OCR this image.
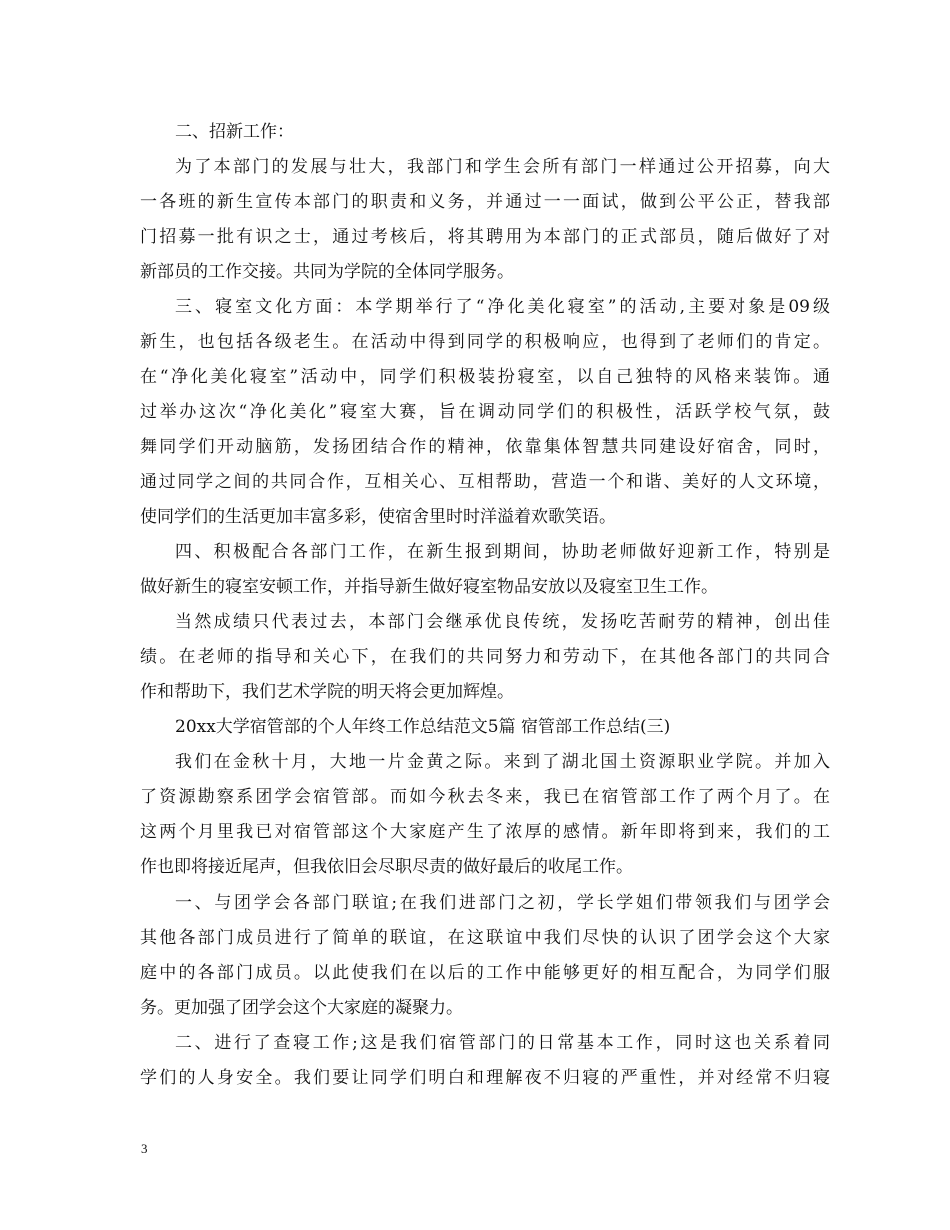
二、招新工作：
为了本部门的发展与壮大，我部门和学生会所有部门一样通过公开招募，向大
一各班的新生宣传本部门的职责和义务，并通过一一面试，做到公平公正，替我部
门招募一批有识之士，通过考核后，将其聘用为本部门的正式部员，随后做好了对
新部员的工作交接。共同为学院的全体同学服务。
三、寝室文化方面：本学期举行了“净化美化寝室”的活动,主要对象是09级
新生，也包括各级老生。在活动中得到同学的积极响应，也得到了老师们的肯定。
在“净化美化寝室”活动中，同学们积极装扮寝室，以自己独特的风格来装饰。通
过举办这次“净化美化”寝室大赛，旨在调动同学们的积极性，活跃学校气氛，鼓
舞同学们开动脑筋，发扬团结合作的精神，依靠集体智慧共同建设好宿舍，同时，
通过同学之间的共同合作，互相关心、互相帮助，营造一个和谐、美好的人文环境，
使同学们的生活更加丰富多彩，使宿舍里时时洋溢着欢歌笑语。
四、积极配合各部门工作，在新生报到期间，协助老师做好迎新工作，特别是
做好新生的寝室安顿工作，并指导新生做好寝室物品安放以及寝室卫生工作。
当然成绩只代表过去，本部门会继承优良传统，发扬吃苦耐劳的精神，创出佳
绩。在老师的指导和关心下，在我们的共同努力和劳动下，在其他各部门的共同合
作和帮助下，我们艺术学院的明天将会更加辉煌。
20xx大学宿管部的个人年终工作总结范文5篇 宿管部工作总结(三)
我们在金秋十月，大地一片金黄之际。来到了湖北国土资源职业学院。并加入
了资源勘察系团学会宿管部。而如今秋去冬来，我已在宿管部工作了两个月了。在
这两个月里我已对宿管部这个大家庭产生了浓厚的感情。新年即将到来，我们的工
作也即将接近尾声，但我依旧会尽职尽责的做好最后的收尾工作。
一、与团学会各部门联谊;在我们进部门之初，学长学姐们带领我们与团学会
其他各部门成员进行了简单的联谊，在这联谊中我们尽快的认识了团学会这个大家
庭中的各部门成员。以此使我们在以后的工作中能够更好的相互配合，为同学们服
务。更加强了团学会这个大家庭的凝聚力。
二、进行了查寝工作;这是我们宿管部门的日常基本工作，同时这也关系着同
学们的人身安全。我们要让同学们明白和理解夜不归寝的严重性，并对经常不归寝
3
